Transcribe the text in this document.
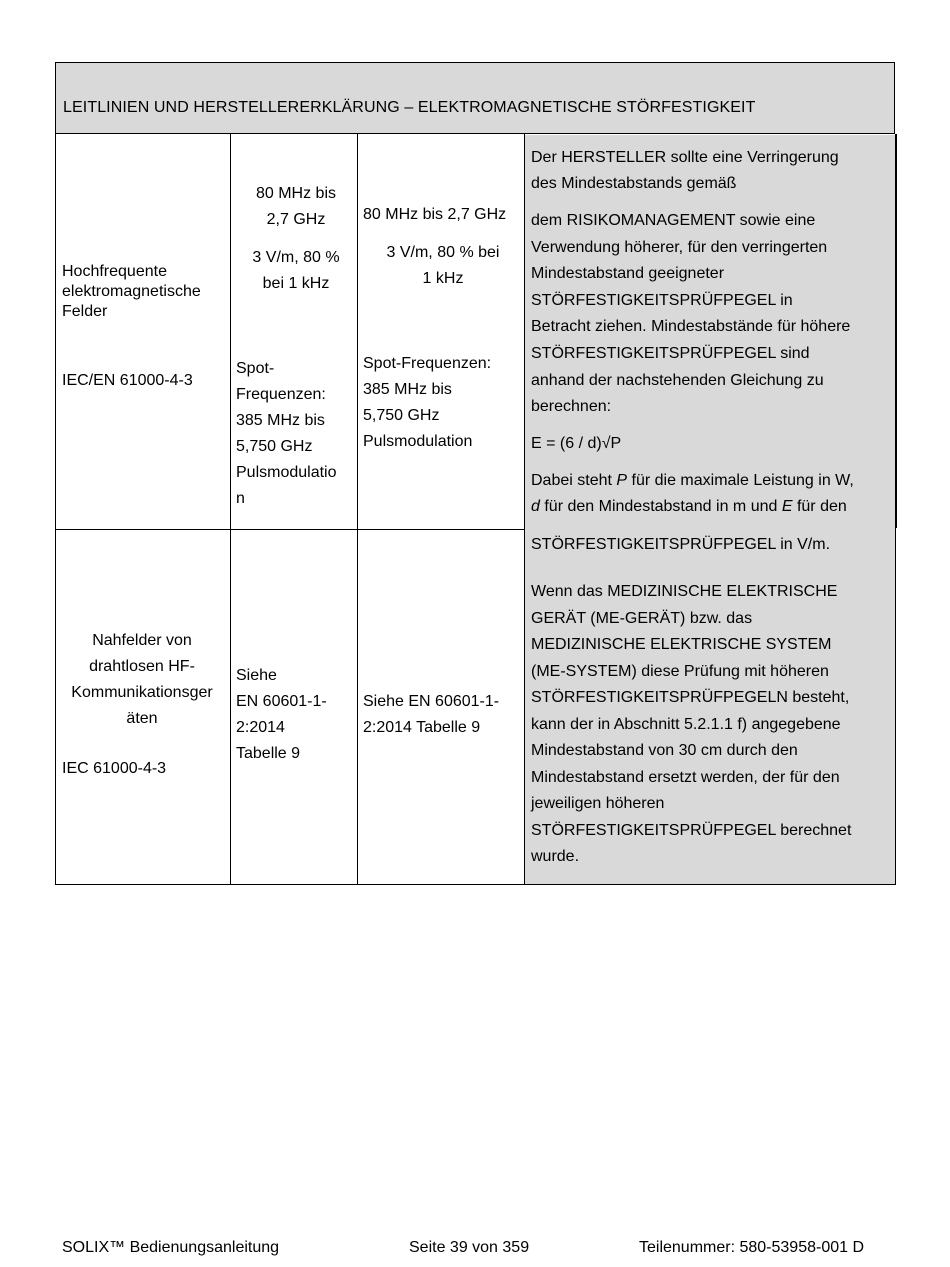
LEITLINIEN UND HERSTELLERERKLÄRUNG – ELEKTROMAGNETISCHE STÖRFESTIGKEIT

Hochfrequente

elektromagnetische

Felder

IEC/EN 61000-4-3

80 MHz bis

2,7 GHz

3 V/m, 80 %

bei 1 kHz

Spot-

Frequenzen:

385 MHz bis

5,750 GHz

Pulsmodulatio

n

80 MHz bis 2,7 GHz

3 V/m, 80 % bei

1 kHz

Spot-Frequenzen:

385 MHz bis

5,750 GHz

Pulsmodulation

Nahfelder von

drahtlosen HF-

Kommunikationsger

äten

IEC 61000-4-3

Siehe

EN 60601-1-

2:2014

Tabelle 9

Siehe EN 60601-1-

2:2014 Tabelle 9

Der HERSTELLER sollte eine Verringerung

des Mindestabstands gemäß

dem RISIKOMANAGEMENT sowie eine

Verwendung höherer, für den verringerten

Mindestabstand geeigneter

STÖRFESTIGKEITSPRÜFPEGEL in

Betracht ziehen. Mindestabstände für höhere

STÖRFESTIGKEITSPRÜFPEGEL sind

anhand der nachstehenden Gleichung zu

berechnen:

E = (6 / d)√P

Dabei steht P für die maximale Leistung in W,

d für den Mindestabstand in m und E für den

STÖRFESTIGKEITSPRÜFPEGEL in V/m.

Wenn das MEDIZINISCHE ELEKTRISCHE

GERÄT (ME-GERÄT) bzw. das

MEDIZINISCHE ELEKTRISCHE SYSTEM

(ME-SYSTEM) diese Prüfung mit höheren

STÖRFESTIGKEITSPRÜFPEGELN besteht,

kann der in Abschnitt 5.2.1.1 f) angegebene

Mindestabstand von 30 cm durch den

Mindestabstand ersetzt werden, der für den

jeweiligen höheren

STÖRFESTIGKEITSPRÜFPEGEL berechnet

wurde.

SOLIX™ Bedienungsanleitung	Seite 39 von 359	Teilenummer: 580-53958-001 D
